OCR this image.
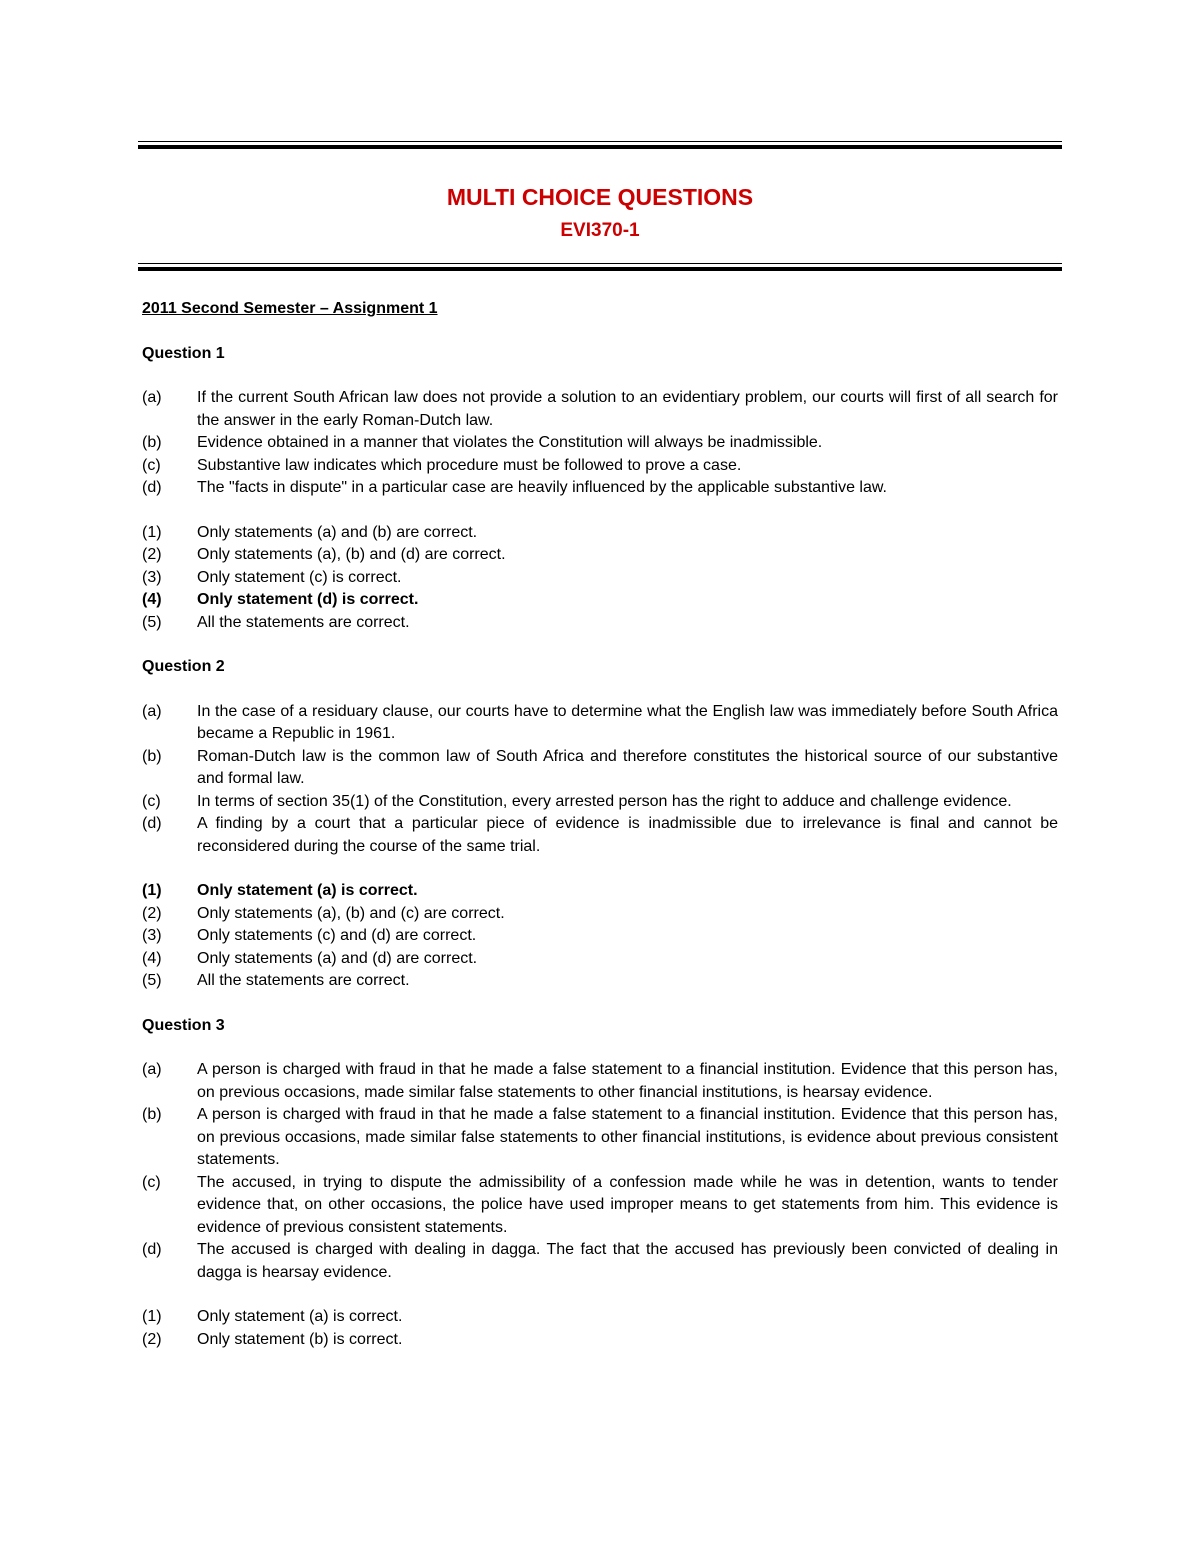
MULTI CHOICE QUESTIONS
EVI370-1
2011 Second Semester – Assignment 1
Question 1
(a)	If the current South African law does not provide a solution to an evidentiary problem, our courts will first of all search for the answer in the early Roman-Dutch law.
(b)	Evidence obtained in a manner that violates the Constitution will always be inadmissible.
(c)	Substantive law indicates which procedure must be followed to prove a case.
(d)	The "facts in dispute" in a particular case are heavily influenced by the applicable substantive law.
(1)	Only statements (a) and (b) are correct.
(2)	Only statements (a), (b) and (d) are correct.
(3)	Only statement (c) is correct.
(4)	Only statement (d) is correct.
(5)	All the statements are correct.
Question 2
(a)	In the case of a residuary clause, our courts have to determine what the English law was immediately before South Africa became a Republic in 1961.
(b)	Roman-Dutch law is the common law of South Africa and therefore constitutes the historical source of our substantive and formal law.
(c)	In terms of section 35(1) of the Constitution, every arrested person has the right to adduce and challenge evidence.
(d)	A finding by a court that a particular piece of evidence is inadmissible due to irrelevance is final and cannot be reconsidered during the course of the same trial.
(1)	Only statement (a) is correct.
(2)	Only statements (a), (b) and (c) are correct.
(3)	Only statements (c) and (d) are correct.
(4)	Only statements (a) and (d) are correct.
(5)	All the statements are correct.
Question 3
(a)	A person is charged with fraud in that he made a false statement to a financial institution. Evidence that this person has, on previous occasions, made similar false statements to other financial institutions, is hearsay evidence.
(b)	A person is charged with fraud in that he made a false statement to a financial institution. Evidence that this person has, on previous occasions, made similar false statements to other financial institutions, is evidence about previous consistent statements.
(c)	The accused, in trying to dispute the admissibility of a confession made while he was in detention, wants to tender evidence that, on other occasions, the police have used improper means to get statements from him. This evidence is evidence of previous consistent statements.
(d)	The accused is charged with dealing in dagga. The fact that the accused has previously been convicted of dealing in dagga is hearsay evidence.
(1)	Only statement (a) is correct.
(2)	Only statement (b) is correct.
